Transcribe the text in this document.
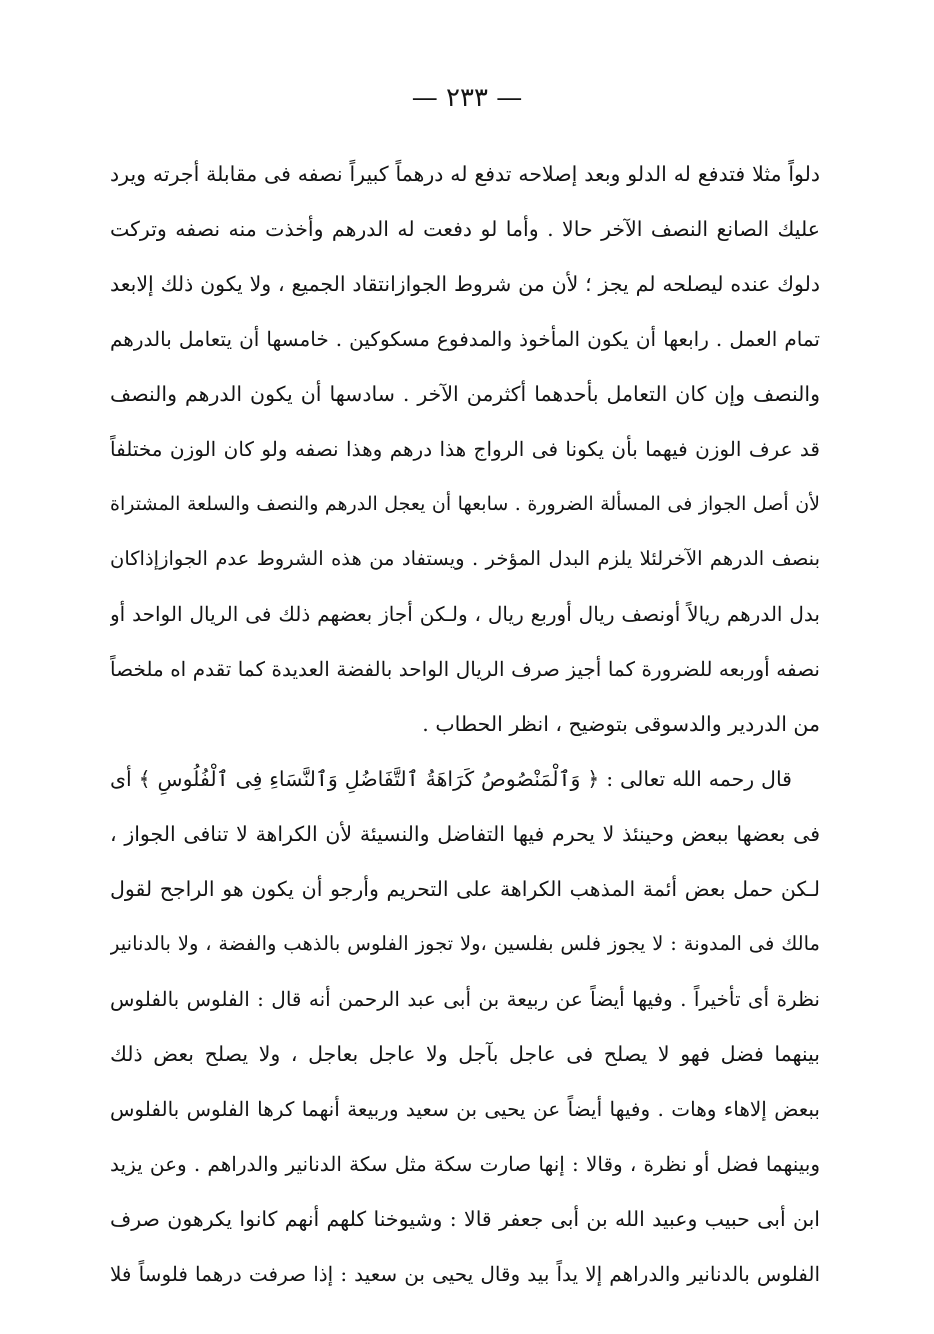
— ٢٣٣ —
دلواً مثلا فتدفع له الدلو وبعد إصلاحه تدفع له درهماً كبيراً نصفه فى مقابلة أجرته ويرد
عليك الصانع النصف الآخر حالا . وأما لو دفعت له الدرهم وأخذت منه نصفه وتركت
دلوك عنده ليصلحه لم يجز ؛ لأن من شروط الجوازانتقاد الجميع ، ولا يكون ذلك إلابعد
تمام العمل . رابعها أن يكون المأخوذ والمدفوع مسكوكين . خامسها أن يتعامل بالدرهم
والنصف وإن كان التعامل بأحدهما أكثرمن الآخر . سادسها أن يكون الدرهم والنصف
قد عرف الوزن فيهما بأن يكونا فى الرواج هذا درهم وهذا نصفه ولو كان الوزن مختلفاً
لأن أصل الجواز فى المسألة الضرورة . سابعها أن يعجل الدرهم والنصف والسلعة المشتراة
بنصف الدرهم الآخرلئلا يلزم البدل المؤخر . ويستفاد من هذه الشروط عدم الجوازإذاكان
بدل الدرهم ريالاً أونصف ريال أوربع ريال ، ولـكن أجاز بعضهم ذلك فى الريال الواحد أو
نصفه أوربعه للضرورة كما أجيز صرف الريال الواحد بالفضة العديدة كما تقدم اه ملخصاً
من الدردير والدسوقى بتوضيح ، انظر الحطاب .
قال رحمه الله تعالى : ﴿ وَٱلْمَنْصُوصُ كَرَاهَةُ ٱلتَّفَاضُلِ وَٱلنَّسَاءِ فِى ٱلْفُلُوسِ ﴾ أى
فى بعضها ببعض وحينئذ لا يحرم فيها التفاضل والنسيئة لأن الكراهة لا تنافى الجواز ،
لـكن حمل بعض أئمة المذهب الكراهة على التحريم وأرجو أن يكون هو الراجح لقول
مالك فى المدونة : لا يجوز فلس بفلسين ،ولا تجوز الفلوس بالذهب والفضة ، ولا بالدنانير
نظرة أى تأخيراً . وفيها أيضاً عن ربيعة بن أبى عبد الرحمن أنه قال : الفلوس بالفلوس
بينهما فضل فهو لا يصلح فى عاجل بآجل ولا عاجل بعاجل ، ولا يصلح بعض ذلك
ببعض إلاهاء وهات . وفيها أيضاً عن يحيى بن سعيد وربيعة أنهما كرها الفلوس بالفلوس
وبينهما فضل أو نظرة ، وقالا : إنها صارت سكة مثل سكة الدنانير والدراهم . وعن يزيد
ابن أبى حبيب وعبيد الله بن أبى جعفر قالا : وشيوخنا كلهم أنهم كانوا يكرهون صرف
الفلوس بالدنانير والدراهم إلا يداً بيد وقال يحيى بن سعيد : إذا صرفت درهما فلوساً فلا
